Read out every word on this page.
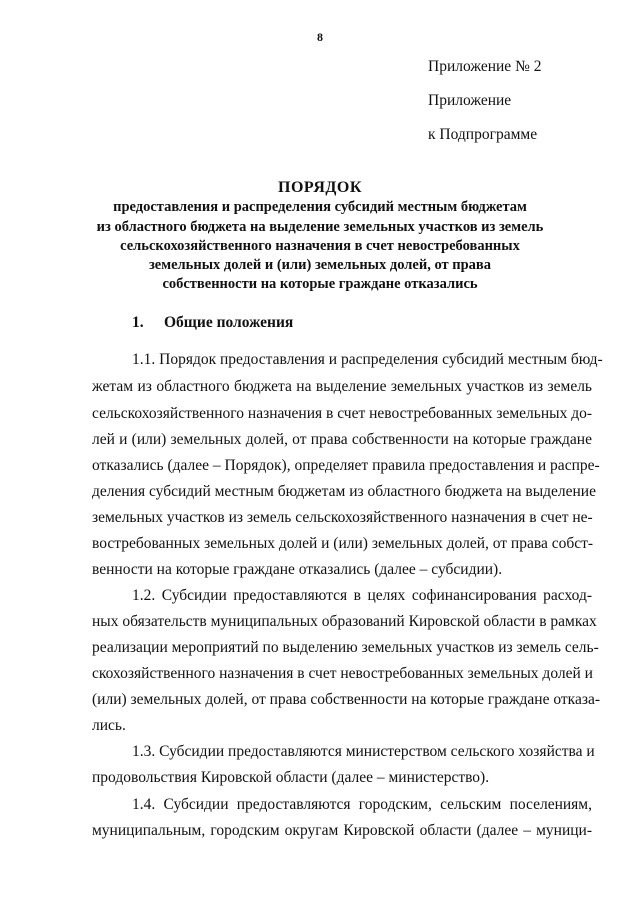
8
Приложение № 2
Приложение
к Подпрограмме
ПОРЯДОК
предоставления и распределения субсидий местным бюджетам
из областного бюджета на выделение земельных участков из земель
сельскохозяйственного назначения в счет невостребованных
земельных долей и (или) земельных долей, от права
собственности на которые граждане отказались
1. Общие положения
1.1. Порядок предоставления и распределения субсидий местным бюд-
жетам из областного бюджета на выделение земельных участков из земель
сельскохозяйственного назначения в счет невостребованных земельных до-
лей и (или) земельных долей, от права собственности на которые граждане
отказались (далее – Порядок), определяет правила предоставления и распре-
деления субсидий местным бюджетам из областного бюджета на выделение
земельных участков из земель сельскохозяйственного назначения в счет не-
востребованных земельных долей и (или) земельных долей, от права собст-
венности на которые граждане отказались (далее – субсидии).
1.2. Субсидии предоставляются в целях софинансирования расход-
ных обязательств муниципальных образований Кировской области в рамках
реализации мероприятий по выделению земельных участков из земель сель-
скохозяйственного назначения в счет невостребованных земельных долей и
(или) земельных долей, от права собственности на которые граждане отказа-
лись.
1.3. Субсидии предоставляются министерством сельского хозяйства и
продовольствия Кировской области (далее – министерство).
1.4. Субсидии предоставляются городским, сельским поселениям,
муниципальным, городским округам Кировской области (далее – муници-
